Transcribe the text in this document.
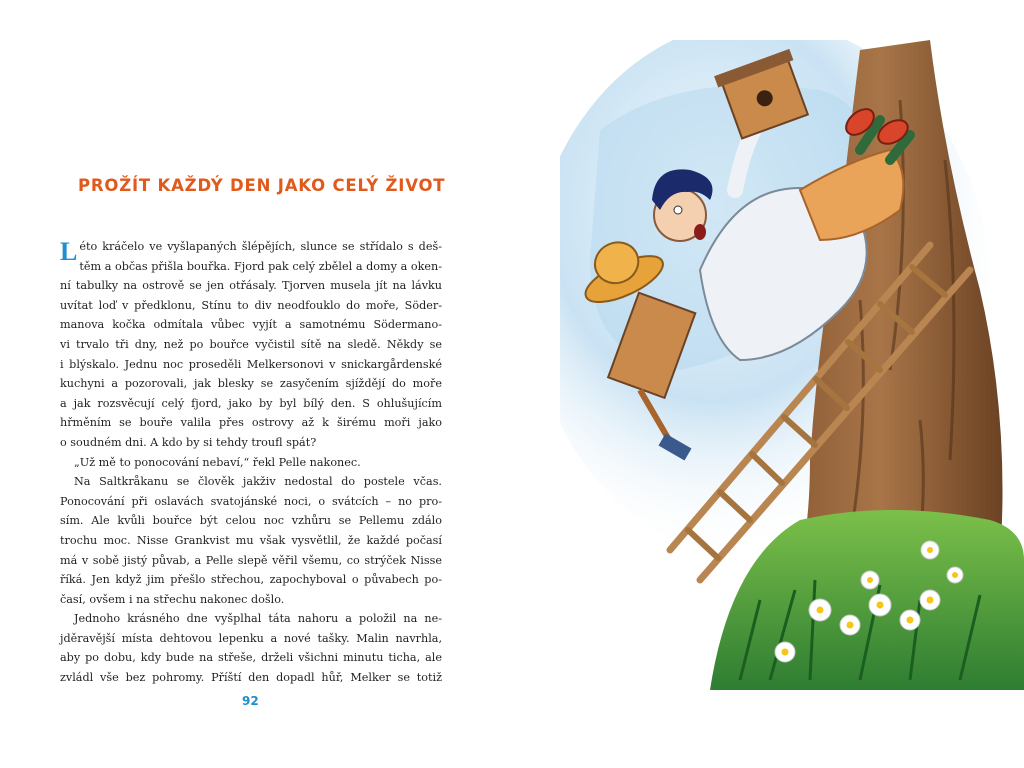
PROŽÍT KAŽDÝ DEN JAKO CELÝ ŽIVOT

L éto kráčelo ve vyšlapaných šlépějích, slunce se střídalo s deš-
těm a občas přišla bouřka. Fjord pak celý zbělel a domy a oken-
ní tabulky na ostrově se jen otřásaly. Tjorven musela jít na lávku
uvítat loď v předklonu, Stínu to div neodfouklo do moře, Söder-
manova kočka odmítala vůbec vyjít a samotnému Södermano-
vi trvalo tři dny, než po bouřce vyčistil sítě na sledě. Někdy se
i blýskalo. Jednu noc proseděli Melkersonovi v snickargårdenské
kuchyni a pozorovali, jak blesky se zasyčením sjíždějí do moře
a jak rozsvěcují celý fjord, jako by byl bílý den. S ohlušujícím
hřměním se bouře valila přes ostrovy až k širému moři jako
o soudném dni. A kdo by si tehdy troufl spát?

„Už mě to ponocování nebaví,“ řekl Pelle nakonec.

Na Saltkråkanu se člověk jakživ nedostal do postele včas.
Ponocování při oslavách svatojánské noci, o svátcích – no pro-
sím. Ale kvůli bouřce být celou noc vzhůru se Pellemu zdálo
trochu moc. Nisse Grankvist mu však vysvětlil, že každé počasí
má v sobě jistý půvab, a Pelle slepě věřil všemu, co strýček Nisse
říká. Jen když jim přešlo střechou, zapochyboval o půvabech po-
časí, ovšem i na střechu nakonec došlo.

Jednoho krásného dne vyšplhal táta nahoru a položil na ne-
jděravější místa dehtovou lepenku a nové tašky. Malin navrhla,
aby po dobu, kdy bude na střeše, drželi všichni minutu ticha, ale
zvládl vše bez pohromy. Příští den dopadl hůř, Melker se totiž

92
